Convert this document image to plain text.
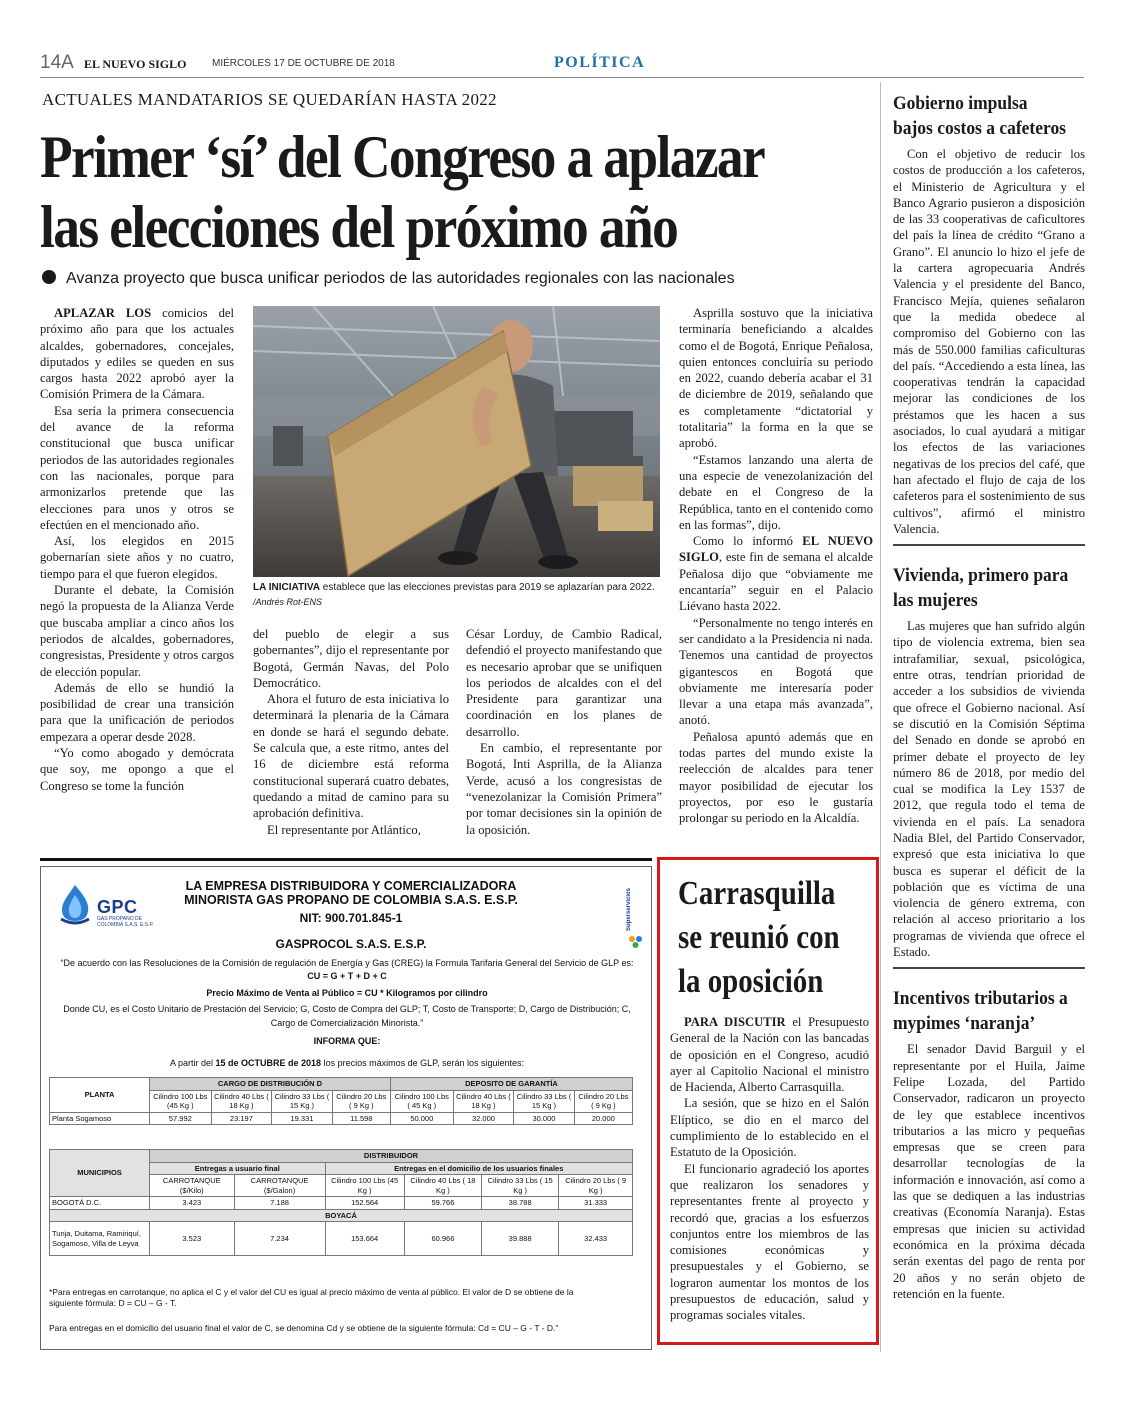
14A EL NUEVO SIGLO	MIÉRCOLES 17 DE OCTUBRE DE 2018	POLÍTICA
ACTUALES MANDATARIOS SE QUEDARÍAN HASTA 2022
Primer ‘sí’ del Congreso a aplazar
las elecciones del próximo año
Avanza proyecto que busca unificar periodos de las autoridades regionales con las nacionales

APLAZAR LOS comicios del próximo año para que los actuales alcaldes, gobernadores, concejales, diputados y ediles se queden en sus cargos hasta 2022 aprobó ayer la Comisión Primera de la Cámara.

Esa sería la primera consecuencia del avance de la reforma constitucional que busca unificar periodos de las autoridades regionales con las nacionales, porque para armonizarlos pretende que las elecciones para unos y otros se efectúen en el mencionado año.

Así, los elegidos en 2015 gobernarían siete años y no cuatro, tiempo para el que fueron elegidos.

Durante el debate, la Comisión negó la propuesta de la Alianza Verde que buscaba ampliar a cinco años los periodos de alcaldes, gobernadores, congresistas, Presidente y otros cargos de elección popular.

Además de ello se hundió la posibilidad de crear una transición para que la unificación de periodos empezara a operar desde 2028.

“Yo como abogado y demócrata que soy, me opongo a que el Congreso se tome la función

LA INICIATIVA establece que las elecciones previstas para 2019 se aplazarían para 2022. /Andrés Rot-ENS

del pueblo de elegir a sus gobernantes”, dijo el representante por Bogotá, Germán Navas, del Polo Democrático.

Ahora el futuro de esta iniciativa lo determinará la plenaria de la Cámara en donde se hará el segundo debate. Se calcula que, a este ritmo, antes del 16 de diciembre está reforma constitucional superará cuatro debates, quedando a mitad de camino para su aprobación definitiva.

El representante por Atlántico,

César Lorduy, de Cambio Radical, defendió el proyecto manifestando que es necesario aprobar que se unifiquen los periodos de alcaldes con el del Presidente para garantizar una coordinación en los planes de desarrollo.

En cambio, el representante por Bogotá, Inti Asprilla, de la Alianza Verde, acusó a los congresistas de “venezolanizar la Comisión Primera” por tomar decisiones sin la opinión de la oposición.

Asprilla sostuvo que la iniciativa terminaría beneficiando a alcaldes como el de Bogotá, Enrique Peñalosa, quien entonces concluiría su periodo en 2022, cuando debería acabar el 31 de diciembre de 2019, señalando que es completamente “dictatorial y totalitaria” la forma en la que se aprobó.

“Estamos lanzando una alerta de una especie de venezolanización del debate en el Congreso de la República, tanto en el contenido como en las formas”, dijo.

Como lo informó EL NUEVO SIGLO, este fin de semana el alcalde Peñalosa dijo que “obviamente me encantaría” seguir en el Palacio Liévano hasta 2022.

“Personalmente no tengo interés en ser candidato a la Presidencia ni nada. Tenemos una cantidad de proyectos gigantescos en Bogotá que obviamente me interesaría poder llevar a una etapa más avanzada”, anotó.

Peñalosa apuntó además que en todas partes del mundo existe la reelección de alcaldes para tener mayor posibilidad de ejecutar los proyectos, por eso le gustaría prolongar su periodo en la Alcaldía.

Gobierno impulsa bajos costos a cafeteros
Con el objetivo de reducir los costos de producción a los cafeteros, el Ministerio de Agricultura y el Banco Agrario pusieron a disposición de las 33 cooperativas de caficultores del país la línea de crédito “Grano a Grano”. El anuncio lo hizo el jefe de la cartera agropecuaria Andrés Valencia y el presidente del Banco, Francisco Mejía, quienes señalaron que la medida obedece al compromiso del Gobierno con las más de 550.000 familias caficulturas del país. “Accediendo a esta línea, las cooperativas tendrán la capacidad mejorar las condiciones de los préstamos que les hacen a sus asociados, lo cual ayudará a mitigar los efectos de las variaciones negativas de los precios del café, que han afectado el flujo de caja de los cafeteros para el sostenimiento de sus cultivos”, afirmó el ministro Valencia.
Vivienda, primero para las mujeres
Las mujeres que han sufrido algún tipo de violencia extrema, bien sea intrafamiliar, sexual, psicológica, entre otras, tendrían prioridad de acceder a los subsidios de vivienda que ofrece el Gobierno nacional. Así se discutió en la Comisión Séptima del Senado en donde se aprobó en primer debate el proyecto de ley número 86 de 2018, por medio del cual se modifica la Ley 1537 de 2012, que regula todo el tema de vivienda en el país. La senadora Nadia Blel, del Partido Conservador, expresó que esta iniciativa lo que busca es superar el déficit de la población que es víctima de una violencia de género extrema, con relación al acceso prioritario a los programas de vivienda que ofrece el Estado.
Incentivos tributarios a mypimes ‘naranja’
El senador David Barguil y el representante por el Huila, Jaime Felipe Lozada, del Partido Conservador, radicaron un proyecto de ley que establece incentivos tributarios a las micro y pequeñas empresas que se creen para desarrollar tecnologías de la información e innovación, así como a las que se dediquen a las industrias creativas (Economía Naranja). Estas empresas que inicien su actividad económica en la próxima década serán exentas del pago de renta por 20 años y no serán objeto de retención en la fuente.
Carrasquilla
se reunió con
la oposición

PARA DISCUTIR el Presupuesto General de la Nación con las bancadas de oposición en el Congreso, acudió ayer al Capitolio Nacional el ministro de Hacienda, Alberto Carrasquilla.

La sesión, que se hizo en el Salón Elíptico, se dio en el marco del cumplimiento de lo establecido en el Estatuto de la Oposición.

El funcionario agradeció los aportes que realizaron los senadores y representantes frente al proyecto y recordó que, gracias a los esfuerzos conjuntos entre los miembros de las comisiones económicas y presupuestales y el Gobierno, se lograron aumentar los montos de los presupuestos de educación, salud y programas sociales vitales.

GPC
GAS PROPANO DE COLOMBIA S.A.S. E.S.P.
LA EMPRESA DISTRIBUIDORA Y COMERCIALIZADORA
MINORISTA GAS PROPANO DE COLOMBIA S.A.S. E.S.P.
NIT: 900.701.845-1	Superservicios
GASPROCOL S.A.S. E.S.P.
“De acuerdo con las Resoluciones de la Comisión de regulación de Energía y Gas (CREG) la Formula Tarifaria General del Servicio de GLP es:
CU = G + T + D + C
Precio Máximo de Venta al Público = CU * Kilogramos por cilindro
Donde CU, es el Costo Unitario de Prestación del Servicio; G, Costo de Compra del GLP; T, Costo de Transporte; D, Cargo de Distribución; C,
Cargo de Comercialización Minorista.”
INFORMA QUE:
A partir del 15 de OCTUBRE de 2018 los precios máximos de GLP, serán los siguientes:
PLANTA	CARGO DE DISTRIBUCIÓN D				DEPOSITO DE GARANTÍA			
	Cilindro 100 Lbs (45 Kg )	Cilindro 40 Lbs ( 18 Kg )	Cilindro 33 Lbs ( 15 Kg )	Cilindro 20 Lbs ( 9 Kg )	Cilindro 100 Lbs ( 45 Kg )	Cilindro 40 Lbs ( 18 Kg )	Cilindro 33 Lbs ( 15 Kg )	Cilindro 20 Lbs ( 9 Kg )
Planta Sogamoso	57.992	23.197	19.331	11.598	50.000	32.000	30.000	20.000
MUNICIPIOS	DISTRIBUIDOR					
	Entregas a usuario final		Entregas en el domicilio de los usuarios finales			
	CARROTANQUE ($/Kilo)	CARROTANQUE ($/Galon)	Cilindro 100 Lbs (45 Kg )	Cilindro 40 Lbs ( 18 Kg )	Cilindro 33 Lbs ( 15 Kg )	Cilindro 20 Lbs ( 9 Kg )
BOGOTÁ D.C.	3.423	7.188	152.564	59.766	38.788	31.333
BOYACÁ						
Tunja, Duitama, Ramiriquí, Sogamoso, Villa de Leyva	3.523	7.234	153.664	60.966	39.888	32.433
*Para entregas en carrotanque, no aplica el C y el valor del CU es igual al precio máximo de venta al público. El valor de D se obtiene de la
siguiente fórmula: D = CU – G - T.
Para entregas en el domicilio del usuario final el valor de C, se denomina Cd y se obtiene de la siguiente fórmula: Cd = CU – G - T - D.”
